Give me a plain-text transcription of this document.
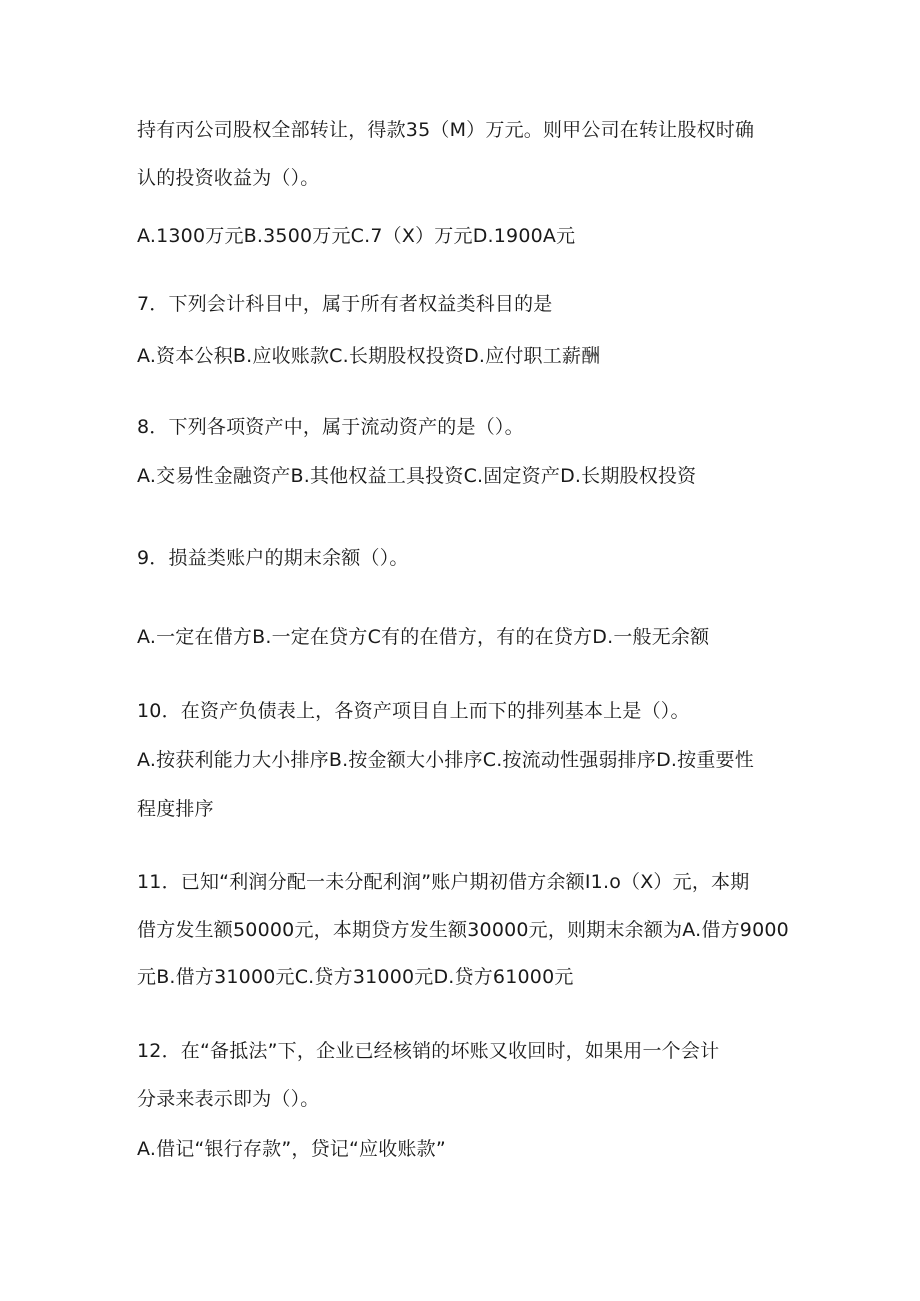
持有丙公司股权全部转让，得款35（M）万元。则甲公司在转让股权时确
认的投资收益为（）。
A.1300万元B.3500万元C.7（X）万元D.1900A元
7．下列会计科目中，属于所有者权益类科目的是
A.资本公积B.应收账款C.长期股权投资D.应付职工薪酬
8．下列各项资产中，属于流动资产的是（）。
A.交易性金融资产B.其他权益工具投资C.固定资产D.长期股权投资
9．损益类账户的期末余额（）。
A.一定在借方B.一定在贷方C有的在借方，有的在贷方D.一般无余额
10．在资产负债表上，各资产项目自上而下的排列基本上是（）。
A.按获利能力大小排序B.按金额大小排序C.按流动性强弱排序D.按重要性
程度排序
11．已知“利润分配一未分配利润”账户期初借方余额I1.o（X）元，本期
借方发生额50000元，本期贷方发生额30000元，则期末余额为A.借方9000
元B.借方31000元C.贷方31000元D.贷方61000元
12．在“备抵法”下，企业已经核销的坏账又收回时，如果用一个会计
分录来表示即为（）。
A.借记“银行存款”，贷记“应收账款”
